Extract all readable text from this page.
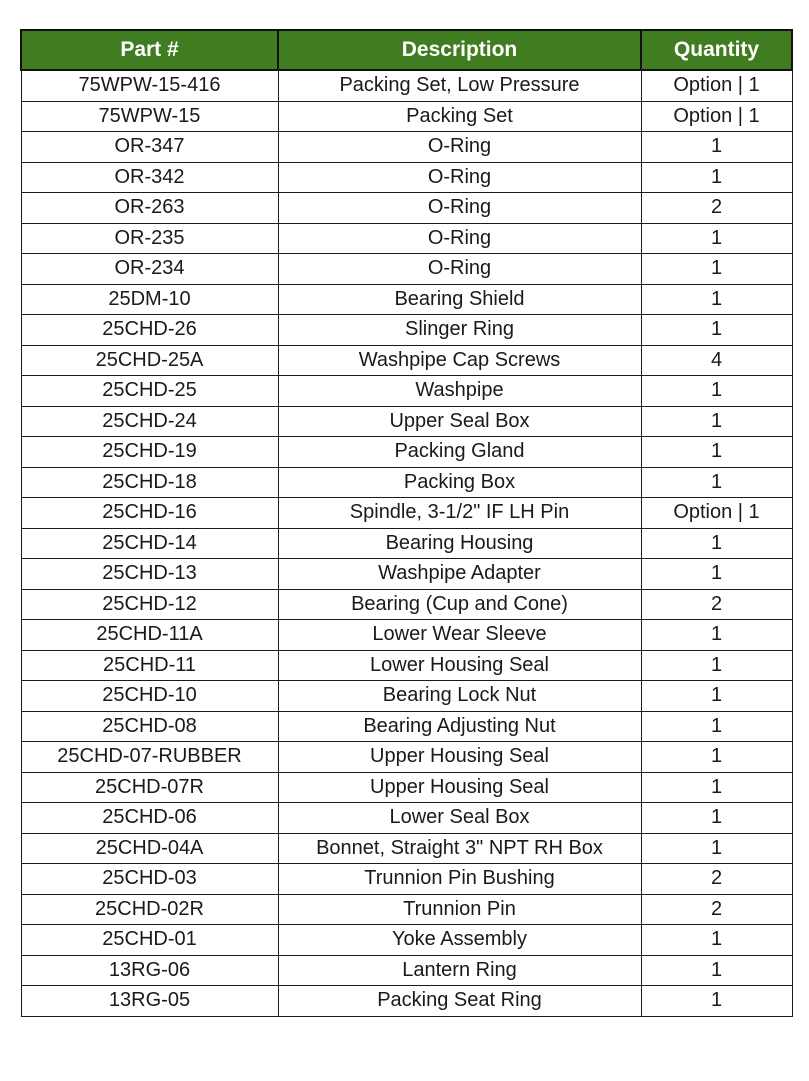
Part #	Description	Quantity
75WPW-15-416	Packing Set, Low Pressure	Option | 1
75WPW-15	Packing Set	Option | 1
OR-347	O-Ring	1
OR-342	O-Ring	1
OR-263	O-Ring	2
OR-235	O-Ring	1
OR-234	O-Ring	1
25DM-10	Bearing Shield	1
25CHD-26	Slinger Ring	1
25CHD-25A	Washpipe Cap Screws	4
25CHD-25	Washpipe	1
25CHD-24	Upper Seal Box	1
25CHD-19	Packing Gland	1
25CHD-18	Packing Box	1
25CHD-16	Spindle, 3-1/2" IF LH Pin	Option | 1
25CHD-14	Bearing Housing	1
25CHD-13	Washpipe Adapter	1
25CHD-12	Bearing (Cup and Cone)	2
25CHD-11A	Lower Wear Sleeve	1
25CHD-11	Lower Housing Seal	1
25CHD-10	Bearing Lock Nut	1
25CHD-08	Bearing Adjusting Nut	1
25CHD-07-RUBBER	Upper Housing Seal	1
25CHD-07R	Upper Housing Seal	1
25CHD-06	Lower Seal Box	1
25CHD-04A	Bonnet, Straight 3" NPT RH Box	1
25CHD-03	Trunnion Pin Bushing	2
25CHD-02R	Trunnion Pin	2
25CHD-01	Yoke Assembly	1
13RG-06	Lantern Ring	1
13RG-05	Packing Seat Ring	1
